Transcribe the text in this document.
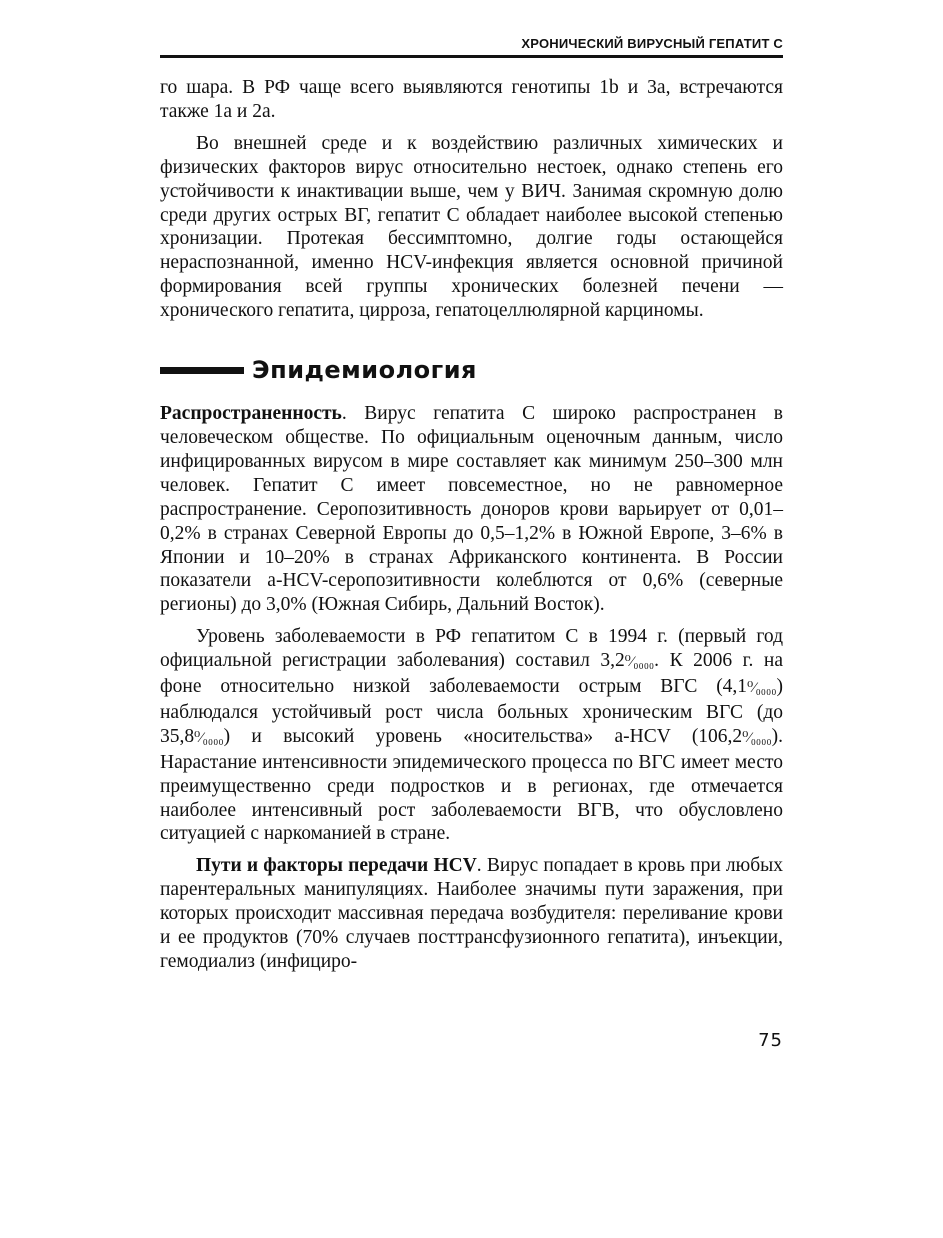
ХРОНИЧЕСКИЙ ВИРУСНЫЙ ГЕПАТИТ С

го шара. В РФ чаще всего выявляются генотипы 1b и 3а, встречаются также 1а и 2а.

Во внешней среде и к воздействию различных химических и физических факторов вирус относительно нестоек, однако степень его устойчивости к инактивации выше, чем у ВИЧ. Занимая скромную долю среди других острых ВГ, гепатит С обладает наиболее высокой степенью хронизации. Протекая бессимптомно, долгие годы остающейся нераспознанной, именно HCV-инфекция является основной причиной формирования всей группы хронических болезней печени — хронического гепатита, цирроза, гепатоцеллюлярной карциномы.

Эпидемиология

Распространенность. Вирус гепатита С широко распространен в человеческом обществе. По официальным оценочным данным, число инфицированных вирусом в мире составляет как минимум 250–300 млн человек. Гепатит С имеет повсеместное, но не равномерное распространение. Серопозитивность доноров крови варьирует от 0,01–0,2% в странах Северной Европы до 0,5–1,2% в Южной Европе, 3–6% в Японии и 10–20% в странах Африканского континента. В России показатели a-HCV-серопозитивности колеблются от 0,6% (северные регионы) до 3,0% (Южная Сибирь, Дальний Восток).

Уровень заболеваемости в РФ гепатитом С в 1994 г. (первый год официальной регистрации заболевания) составил 3,2⁰⁄₀₀₀₀. К 2006 г. на фоне относительно низкой заболеваемости острым ВГС (4,1⁰⁄₀₀₀₀) наблюдался устойчивый рост числа больных хроническим ВГС (до 35,8⁰⁄₀₀₀₀) и высокий уровень «носительства» a-HCV (106,2⁰⁄₀₀₀₀). Нарастание интенсивности эпидемического процесса по ВГС имеет место преимущественно среди подростков и в регионах, где отмечается наиболее интенсивный рост заболеваемости ВГВ, что обусловлено ситуацией с наркоманией в стране.

Пути и факторы передачи HCV. Вирус попадает в кровь при любых парентеральных манипуляциях. Наиболее значимы пути заражения, при которых происходит массивная передача возбудителя: переливание крови и ее продуктов (70% случаев посттрансфузионного гепатита), инъекции, гемодиализ (инфициро-

75
